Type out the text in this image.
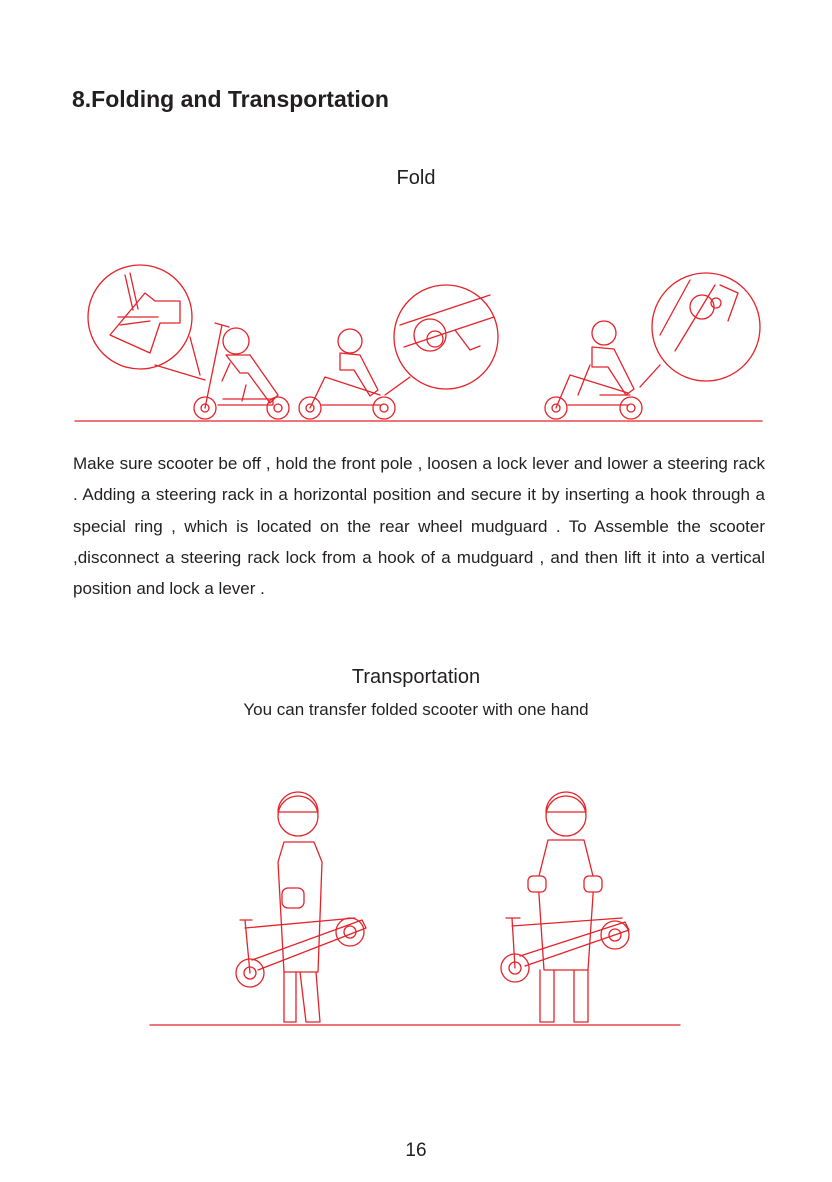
8.Folding and Transportation
Fold

Make sure scooter be off , hold the front pole , loosen a lock lever and lower a steering rack . Adding a steering rack in a horizontal position and secure it by inserting a hook through a special ring , which is located on the rear wheel mudguard . To Assemble the scooter ,disconnect a steering rack lock from a hook of a mudguard , and then lift it into a vertical position and lock a lever .

Transportation
You can transfer folded scooter with one hand
16
